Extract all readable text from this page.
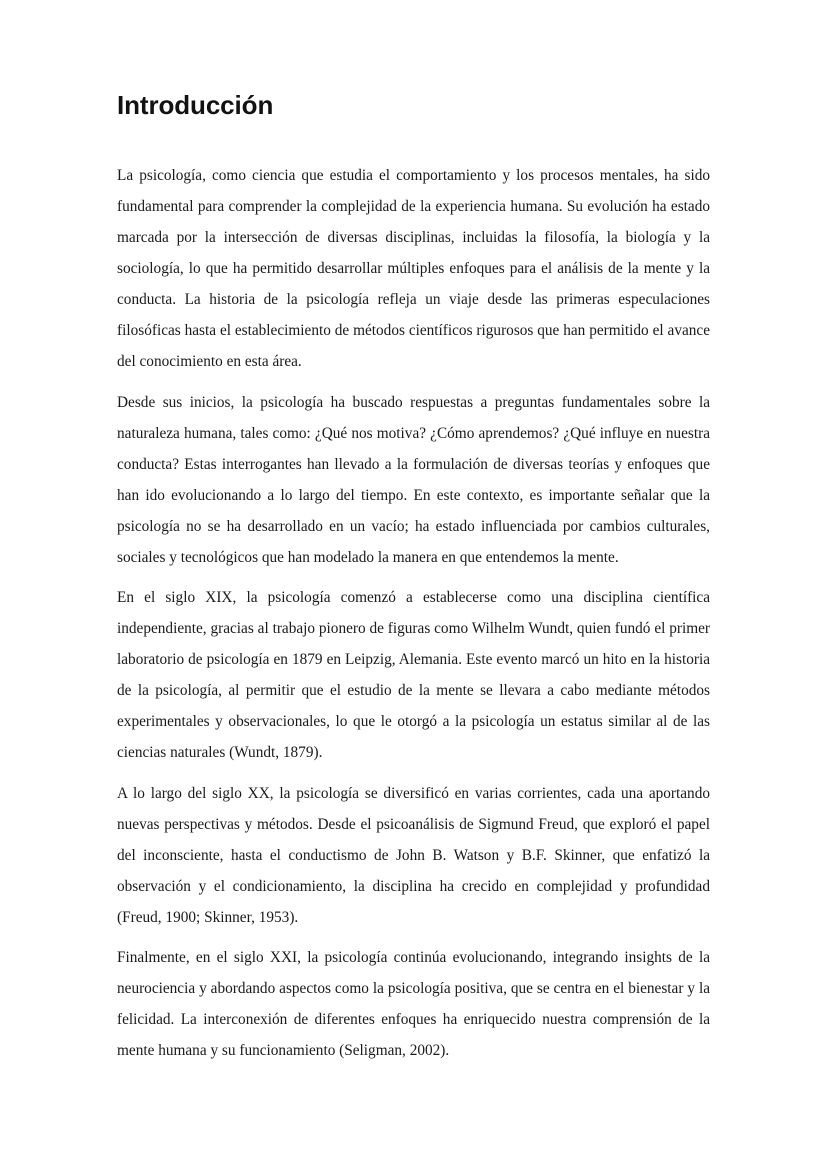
Introducción

La psicología, como ciencia que estudia el comportamiento y los procesos mentales, ha sido fundamental para comprender la complejidad de la experiencia humana. Su evolución ha estado marcada por la intersección de diversas disciplinas, incluidas la filosofía, la biología y la sociología, lo que ha permitido desarrollar múltiples enfoques para el análisis de la mente y la conducta. La historia de la psicología refleja un viaje desde las primeras especulaciones filosóficas hasta el establecimiento de métodos científicos rigurosos que han permitido el avance del conocimiento en esta área.

Desde sus inicios, la psicología ha buscado respuestas a preguntas fundamentales sobre la naturaleza humana, tales como: ¿Qué nos motiva? ¿Cómo aprendemos? ¿Qué influye en nuestra conducta? Estas interrogantes han llevado a la formulación de diversas teorías y enfoques que han ido evolucionando a lo largo del tiempo. En este contexto, es importante señalar que la psicología no se ha desarrollado en un vacío; ha estado influenciada por cambios culturales, sociales y tecnológicos que han modelado la manera en que entendemos la mente.

En el siglo XIX, la psicología comenzó a establecerse como una disciplina científica independiente, gracias al trabajo pionero de figuras como Wilhelm Wundt, quien fundó el primer laboratorio de psicología en 1879 en Leipzig, Alemania. Este evento marcó un hito en la historia de la psicología, al permitir que el estudio de la mente se llevara a cabo mediante métodos experimentales y observacionales, lo que le otorgó a la psicología un estatus similar al de las ciencias naturales (Wundt, 1879).

A lo largo del siglo XX, la psicología se diversificó en varias corrientes, cada una aportando nuevas perspectivas y métodos. Desde el psicoanálisis de Sigmund Freud, que exploró el papel del inconsciente, hasta el conductismo de John B. Watson y B.F. Skinner, que enfatizó la observación y el condicionamiento, la disciplina ha crecido en complejidad y profundidad (Freud, 1900; Skinner, 1953).

Finalmente, en el siglo XXI, la psicología continúa evolucionando, integrando insights de la neurociencia y abordando aspectos como la psicología positiva, que se centra en el bienestar y la felicidad. La interconexión de diferentes enfoques ha enriquecido nuestra comprensión de la mente humana y su funcionamiento (Seligman, 2002).
